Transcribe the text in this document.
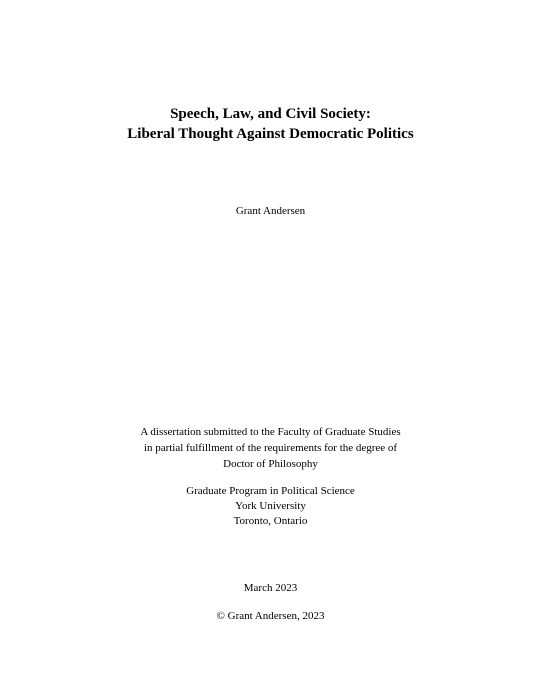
Speech, Law, and Civil Society:
Liberal Thought Against Democratic Politics
Grant Andersen
A dissertation submitted to the Faculty of Graduate Studies
in partial fulfillment of the requirements for the degree of
Doctor of Philosophy
Graduate Program in Political Science
York University
Toronto, Ontario
March 2023
© Grant Andersen, 2023
